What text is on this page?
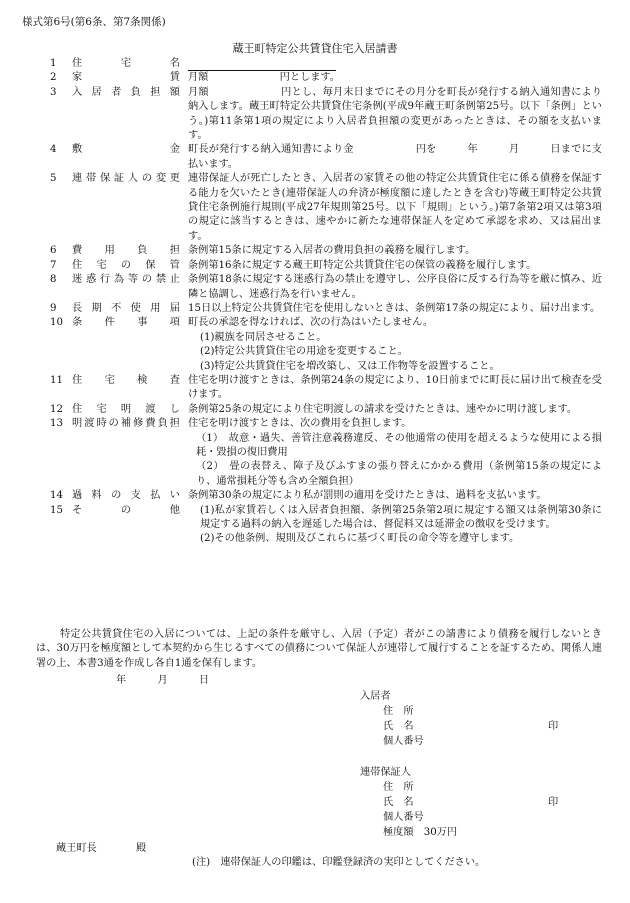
様式第6号(第6条、第7条関係)
蔵王町特定公共賃貸住宅入居請書
1	住宅名
2	家賃 月額　　　　　　　円とします。
3	入居者負担額 月額　　　　　　　円とし、毎月末日までにその月分を町長が発行する納入通知書により納入します。蔵王町特定公共賃貸住宅条例(平成9年蔵王町条例第25号。以下「条例」という。)第11条第1項の規定により入居者負担額の変更があったときは、その額を支払います。
4	敷金 町長が発行する納入通知書により金　　　　　　円を　　　年　　　月　　　日までに支払います。
5	連帯保証人の変更 連帯保証人が死亡したとき、入居者の家賃その他の特定公共賃貸住宅に係る債務を保証する能力を欠いたとき(連帯保証人の弁済が極度額に達したときを含む)等蔵王町特定公共賃貸住宅条例施行規則(平成27年規則第25号。以下「規則」という。)第7条第2項又は第3項の規定に該当するときは、速やかに新たな連帯保証人を定めて承認を求め、又は届出ます。
6	費用負担 条例第15条に規定する入居者の費用負担の義務を履行します。
7	住宅の保管 条例第16条に規定する蔵王町特定公共賃貸住宅の保管の義務を履行します。
8	迷惑行為等の禁止 条例第18条に規定する迷惑行為の禁止を遵守し、公序良俗に反する行為等を厳に慎み、近隣と協調し、迷惑行為を行いません。
9	長期不使用届 15日以上特定公共賃貸住宅を使用しないときは、条例第17条の規定により、届け出ます。
10 条件事項 町長の承認を得なければ、次の行為はいたしません。
(1)親族を同居させること。
(2)特定公共賃貸住宅の用途を変更すること。
(3)特定公共賃貸住宅を増改築し、又は工作物等を設置すること。
11 住宅検査 住宅を明け渡すときは、条例第24条の規定により、10日前までに町長に届け出て検査を受けます。
12 住宅明渡し 条例第25条の規定により住宅明渡しの請求を受けたときは、速やかに明け渡します。
13 明渡時の補修費負担 住宅を明け渡すときは、次の費用を負担します。
（1）　故意・過失、善管注意義務違反、その他通常の使用を超えるような使用による損耗・毀損の復旧費用
（2）　畳の表替え、障子及びふすまの張り替えにかかる費用（条例第15条の規定により、通常損耗分等も含め全額負担）
14 過料の支払い 条例第30条の規定により私が罰則の適用を受けたときは、過料を支払います。
15 その他	(1)私が家賃若しくは入居者負担額、条例第25条第2項に規定する額又は条例第30条に規定する過料の納入を遅延した場合は、督促料又は延滞金の徴収を受けます。
(2)その他条例、規則及びこれらに基づく町長の命令等を遵守します。
特定公共賃貸住宅の入居については、上記の条件を厳守し、入居（予定）者がこの請書により債務を履行しないときは、30万円を極度額として本契約から生じるすべての債務について保証人が連帯して履行することを証するため、関係人連署の上、本書3通を作成し各自1通を保有します。
年	月	日
入居者
住　所
氏　名	印
個人番号
連帯保証人
住　所
氏　名	印
個人番号
極度額　30万円
蔵王町長	殿
(注)　連帯保証人の印鑑は、印鑑登録済の実印としてください。
